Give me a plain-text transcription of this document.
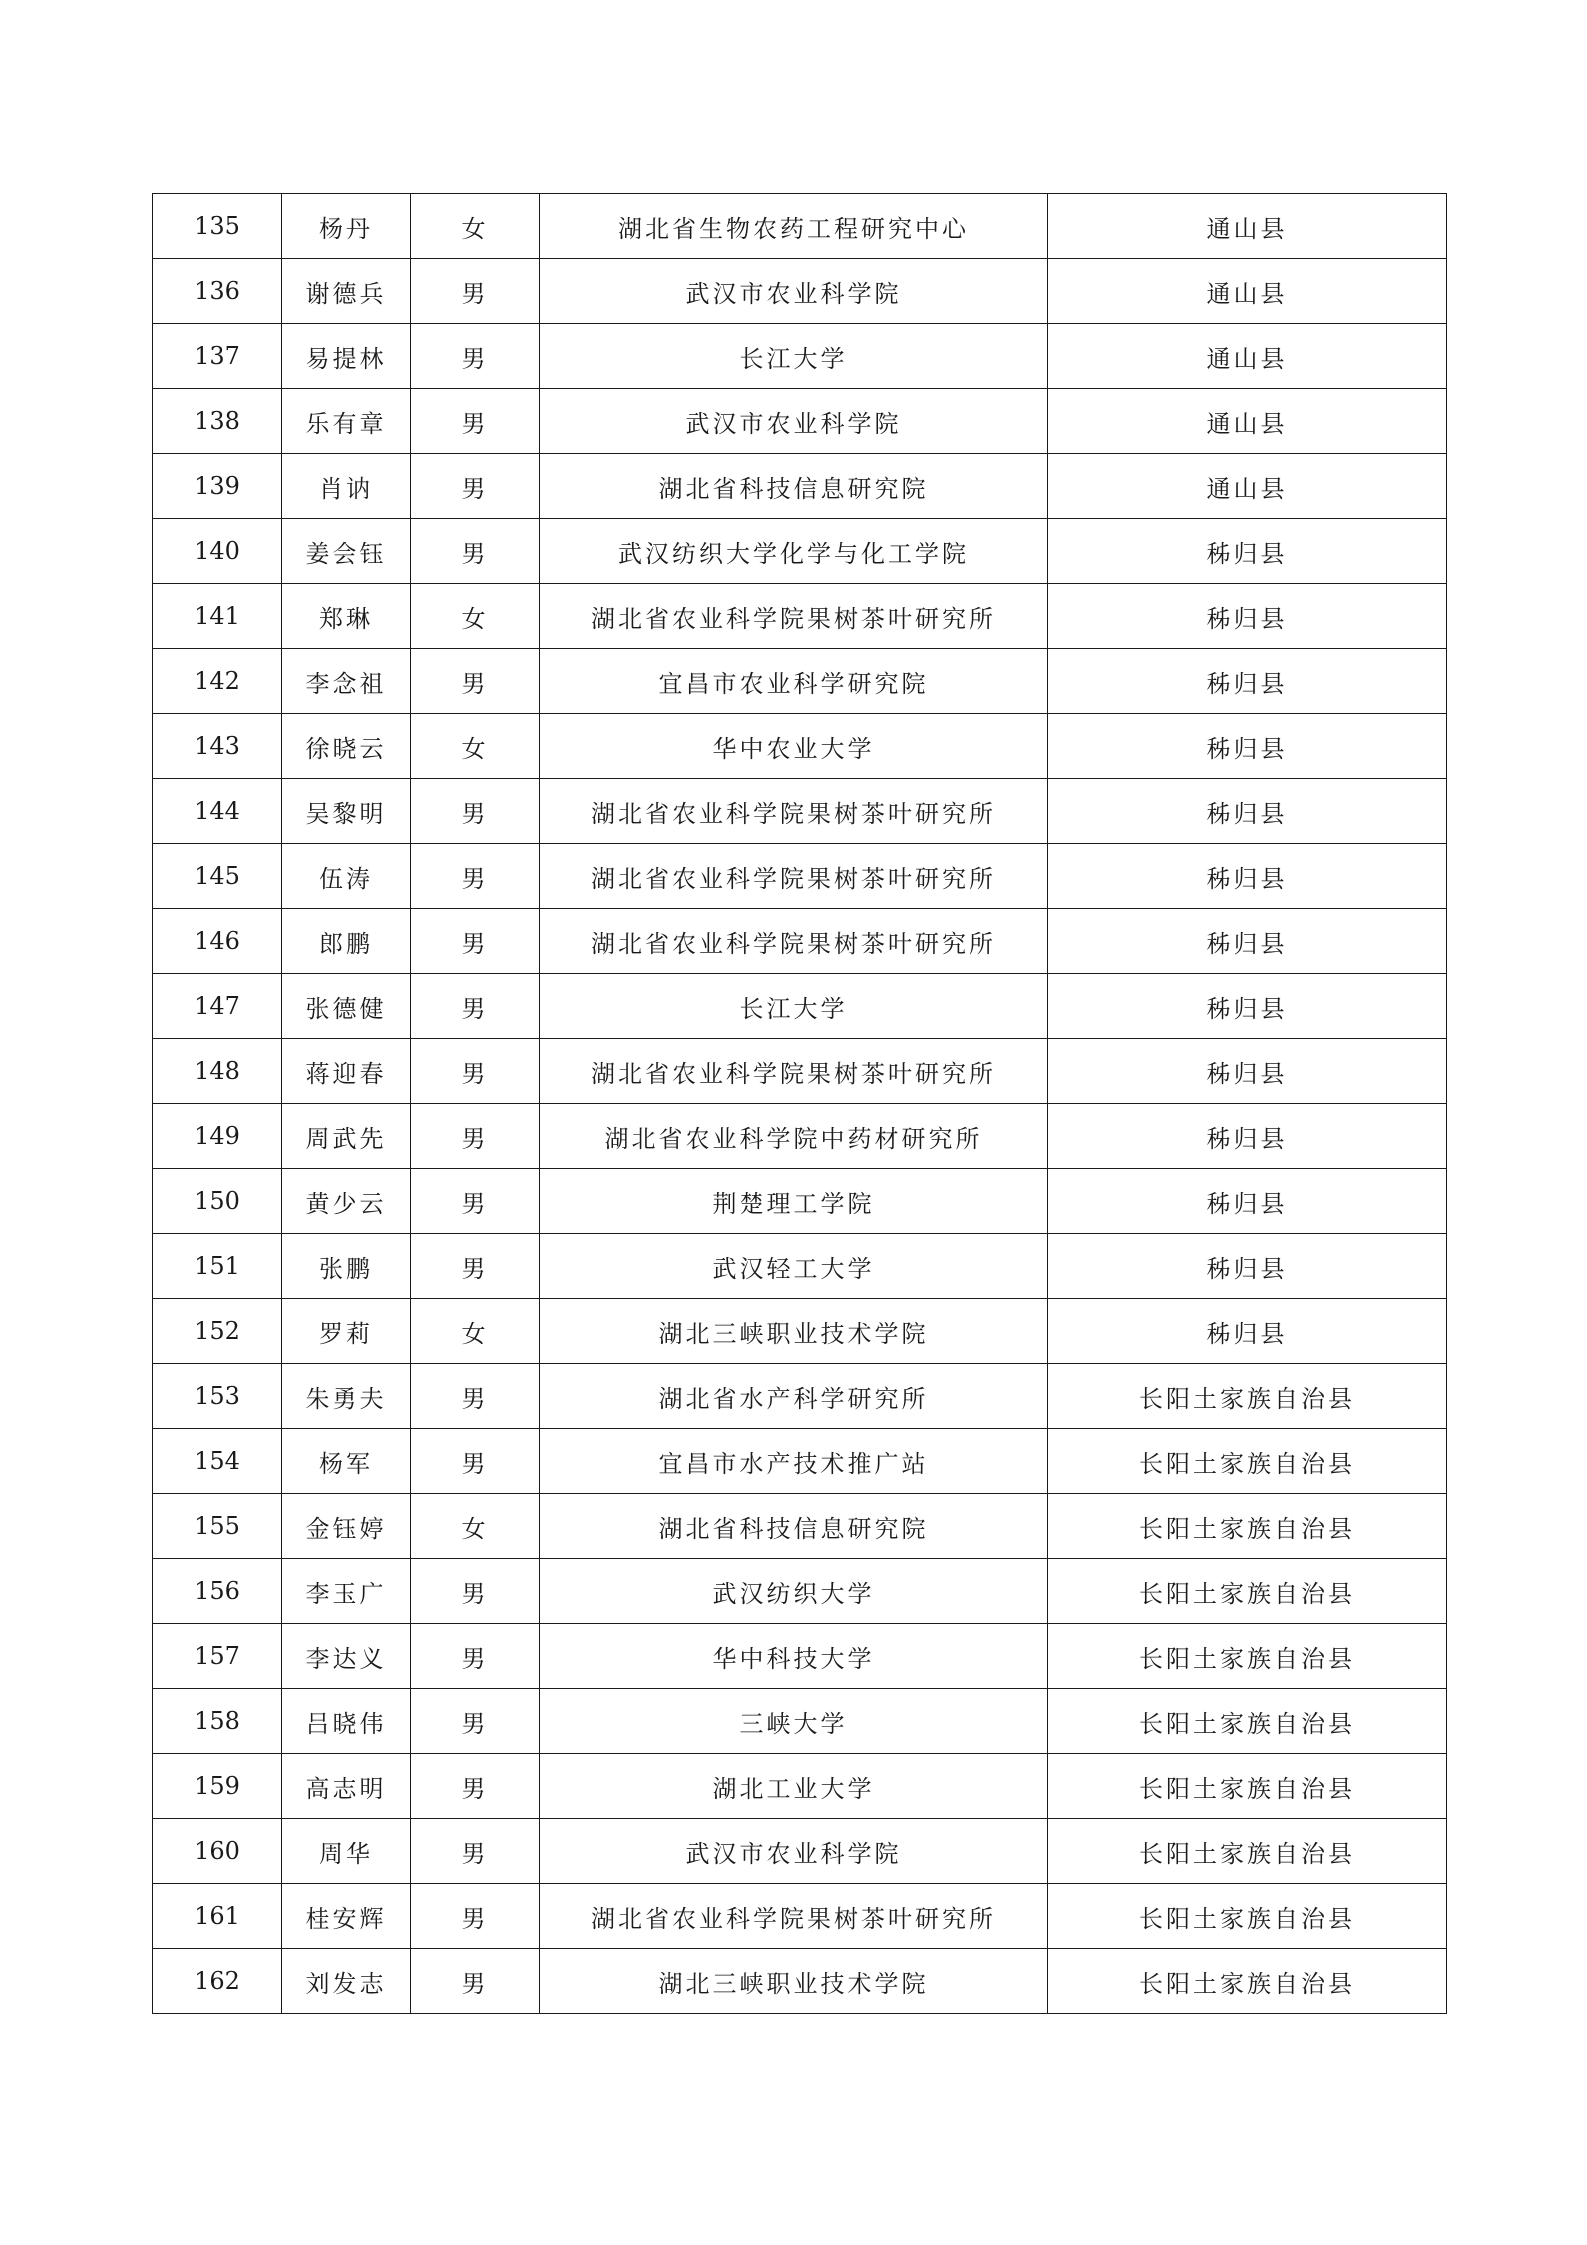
135	杨丹	女	湖北省生物农药工程研究中心	通山县
136	谢德兵	男	武汉市农业科学院	通山县
137	易提林	男	长江大学	通山县
138	乐有章	男	武汉市农业科学院	通山县
139	肖讷	男	湖北省科技信息研究院	通山县
140	姜会钰	男	武汉纺织大学化学与化工学院	秭归县
141	郑琳	女	湖北省农业科学院果树茶叶研究所	秭归县
142	李念祖	男	宜昌市农业科学研究院	秭归县
143	徐晓云	女	华中农业大学	秭归县
144	吴黎明	男	湖北省农业科学院果树茶叶研究所	秭归县
145	伍涛	男	湖北省农业科学院果树茶叶研究所	秭归县
146	郎鹏	男	湖北省农业科学院果树茶叶研究所	秭归县
147	张德健	男	长江大学	秭归县
148	蒋迎春	男	湖北省农业科学院果树茶叶研究所	秭归县
149	周武先	男	湖北省农业科学院中药材研究所	秭归县
150	黄少云	男	荆楚理工学院	秭归县
151	张鹏	男	武汉轻工大学	秭归县
152	罗莉	女	湖北三峡职业技术学院	秭归县
153	朱勇夫	男	湖北省水产科学研究所	长阳土家族自治县
154	杨军	男	宜昌市水产技术推广站	长阳土家族自治县
155	金钰婷	女	湖北省科技信息研究院	长阳土家族自治县
156	李玉广	男	武汉纺织大学	长阳土家族自治县
157	李达义	男	华中科技大学	长阳土家族自治县
158	吕晓伟	男	三峡大学	长阳土家族自治县
159	高志明	男	湖北工业大学	长阳土家族自治县
160	周华	男	武汉市农业科学院	长阳土家族自治县
161	桂安辉	男	湖北省农业科学院果树茶叶研究所	长阳土家族自治县
162	刘发志	男	湖北三峡职业技术学院	长阳土家族自治县
